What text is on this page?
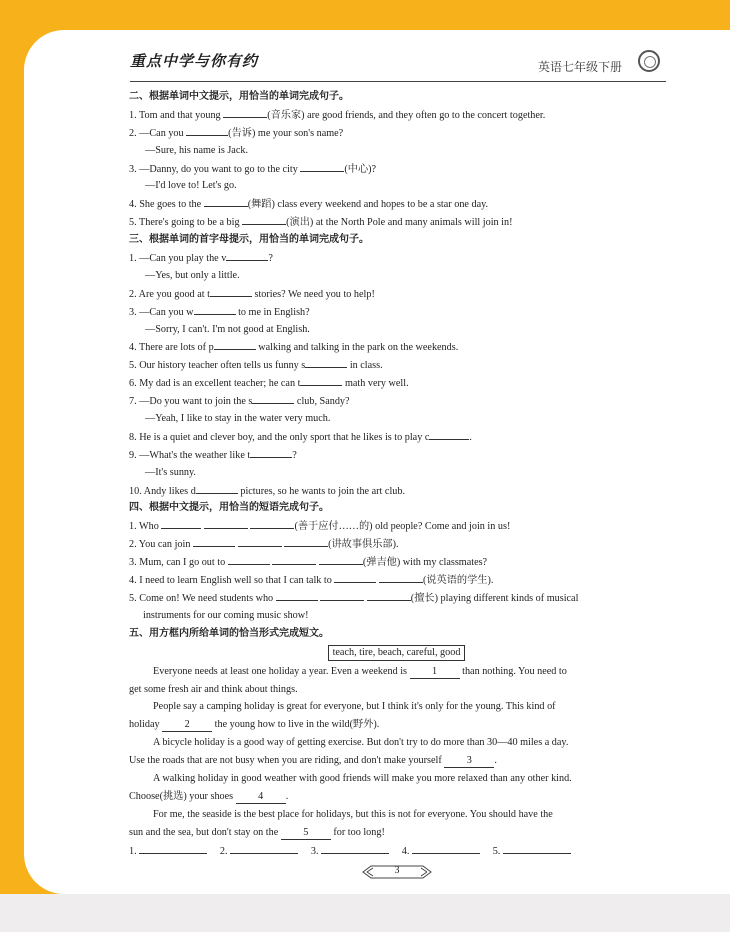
重点中学与你有约	英语七年级下册
二、根据单词中文提示，用恰当的单词完成句子。
1. Tom and that young	(音乐家) are good friends, and they often go to the concert together.
2. —Can you	(告诉) me your son's name?
—Sure, his name is Jack.
3. —Danny, do you want to go to the city	(中心)?
—I'd love to! Let's go.
4. She goes to the	(舞蹈) class every weekend and hopes to be a star one day.
5. There's going to be a big	(演出) at the North Pole and many animals will join in!
三、根据单词的首字母提示，用恰当的单词完成句子。
1. —Can you play the v	?
—Yes, but only a little.
2. Are you good at t	stories? We need you to help!
3. —Can you w	to me in English?
—Sorry, I can't. I'm not good at English.
4. There are lots of p	walking and talking in the park on the weekends.
5. Our history teacher often tells us funny s	in class.
6. My dad is an excellent teacher; he can t	math very well.
7. —Do you want to join the s	club, Sandy?
—Yeah, I like to stay in the water very much.
8. He is a quiet and clever boy, and the only sport that he likes is to play c	.
9. —What's the weather like t	?
—It's sunny.
10. Andy likes d	pictures, so he wants to join the art club.
四、根据中文提示，用恰当的短语完成句子。
1. Who	(善于应付……的) old people? Come and join in us!
2. You can join	(讲故事俱乐部).
3. Mum, can I go out to	(弹吉他) with my classmates?
4. I need to learn English well so that I can talk to	(说英语的学生).
5. Come on! We need students who	(擅长) playing different kinds of musical
instruments for our coming music show!
五、用方框内所给单词的恰当形式完成短文。
teach, tire, beach, careful, good
Everyone needs at least one holiday a year. Even a weekend is 1 than nothing. You need to
get some fresh air and think about things.
People say a camping holiday is great for everyone, but I think it's only for the young. This kind of
holiday 2 the young how to live in the wild(野外).
A bicycle holiday is a good way of getting exercise. But don't try to do more than 30—40 miles a day.
Use the roads that are not busy when you are riding, and don't make yourself 3 .
A walking holiday in good weather with good friends will make you more relaxed than any other kind.
Choose(挑选) your shoes 4 .
For me, the seaside is the best place for holidays, but this is not for everyone. You should have the
sun and the sea, but don't stay on the 5 for too long!
1.	2.	3.	4.	5.
3
